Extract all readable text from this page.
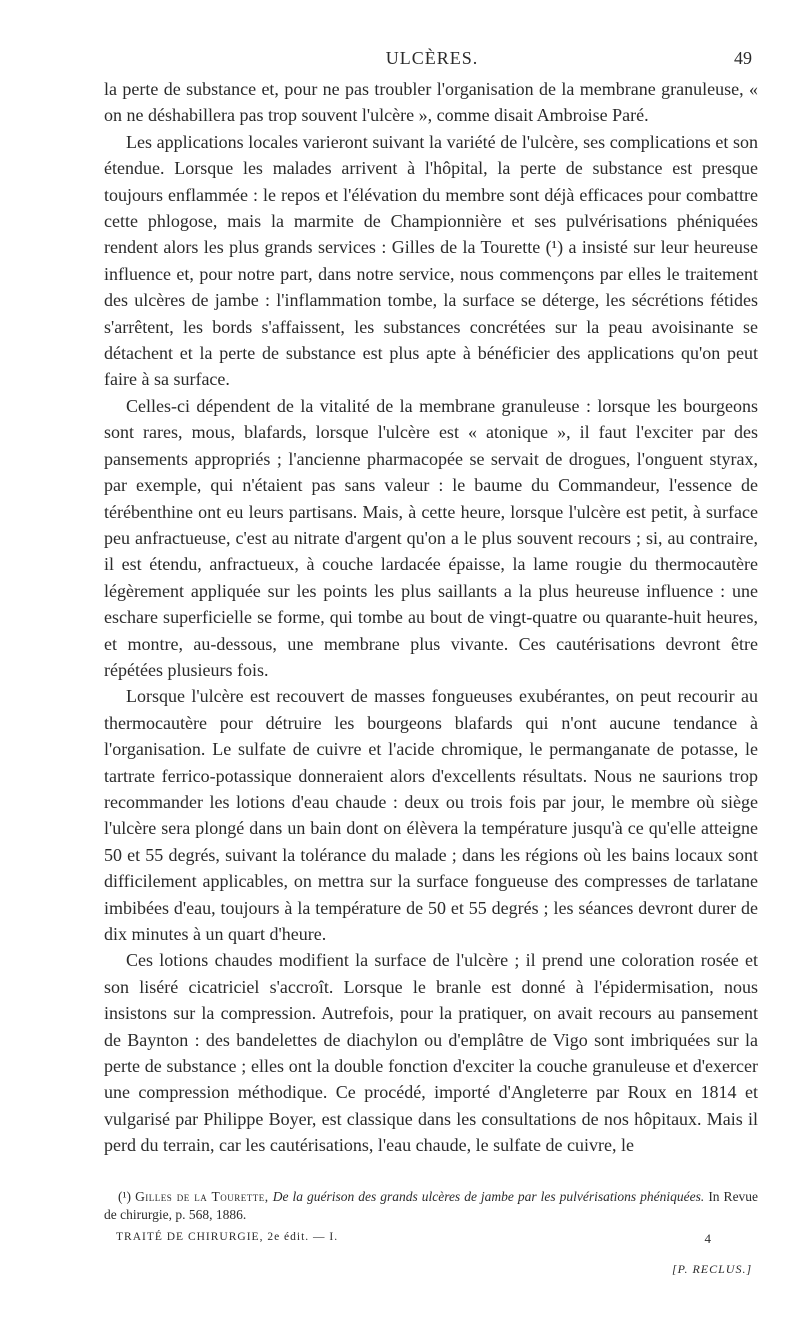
ULCÈRES.	49

la perte de substance et, pour ne pas troubler l'organisation de la membrane granuleuse, « on ne déshabillera pas trop souvent l'ulcère », comme disait Ambroise Paré.

Les applications locales varieront suivant la variété de l'ulcère, ses complications et son étendue. Lorsque les malades arrivent à l'hôpital, la perte de substance est presque toujours enflammée : le repos et l'élévation du membre sont déjà efficaces pour combattre cette phlogose, mais la marmite de Championnière et ses pulvérisations phéniquées rendent alors les plus grands services : Gilles de la Tourette (¹) a insisté sur leur heureuse influence et, pour notre part, dans notre service, nous commençons par elles le traitement des ulcères de jambe : l'inflammation tombe, la surface se déterge, les sécrétions fétides s'arrêtent, les bords s'affaissent, les substances concrétées sur la peau avoisinante se détachent et la perte de substance est plus apte à bénéficier des applications qu'on peut faire à sa surface.

Celles-ci dépendent de la vitalité de la membrane granuleuse : lorsque les bourgeons sont rares, mous, blafards, lorsque l'ulcère est « atonique », il faut l'exciter par des pansements appropriés ; l'ancienne pharmacopée se servait de drogues, l'onguent styrax, par exemple, qui n'étaient pas sans valeur : le baume du Commandeur, l'essence de térébenthine ont eu leurs partisans. Mais, à cette heure, lorsque l'ulcère est petit, à surface peu anfractueuse, c'est au nitrate d'argent qu'on a le plus souvent recours ; si, au contraire, il est étendu, anfractueux, à couche lardacée épaisse, la lame rougie du thermocautère légèrement appliquée sur les points les plus saillants a la plus heureuse influence : une eschare superficielle se forme, qui tombe au bout de vingt-quatre ou quarante-huit heures, et montre, au-dessous, une membrane plus vivante. Ces cautérisations devront être répétées plusieurs fois.

Lorsque l'ulcère est recouvert de masses fongueuses exubérantes, on peut recourir au thermocautère pour détruire les bourgeons blafards qui n'ont aucune tendance à l'organisation. Le sulfate de cuivre et l'acide chromique, le permanganate de potasse, le tartrate ferrico-potassique donneraient alors d'excellents résultats. Nous ne saurions trop recommander les lotions d'eau chaude : deux ou trois fois par jour, le membre où siège l'ulcère sera plongé dans un bain dont on élèvera la température jusqu'à ce qu'elle atteigne 50 et 55 degrés, suivant la tolérance du malade ; dans les régions où les bains locaux sont difficilement applicables, on mettra sur la surface fongueuse des compresses de tarlatane imbibées d'eau, toujours à la température de 50 et 55 degrés ; les séances devront durer de dix minutes à un quart d'heure.

Ces lotions chaudes modifient la surface de l'ulcère ; il prend une coloration rosée et son liséré cicatriciel s'accroît. Lorsque le branle est donné à l'épidermisation, nous insistons sur la compression. Autrefois, pour la pratiquer, on avait recours au pansement de Baynton : des bandelettes de diachylon ou d'emplâtre de Vigo sont imbriquées sur la perte de substance ; elles ont la double fonction d'exciter la couche granuleuse et d'exercer une compression méthodique. Ce procédé, importé d'Angleterre par Roux en 1814 et vulgarisé par Philippe Boyer, est classique dans les consultations de nos hôpitaux. Mais il perd du terrain, car les cautérisations, l'eau chaude, le sulfate de cuivre, le

(¹) Gilles de la Tourette, De la guérison des grands ulcères de jambe par les pulvérisations phéniquées. In Revue de chirurgie, p. 568, 1886.
TRAITÉ DE CHIRURGIE, 2e édit. — I.	4
[P. RECLUS.]
